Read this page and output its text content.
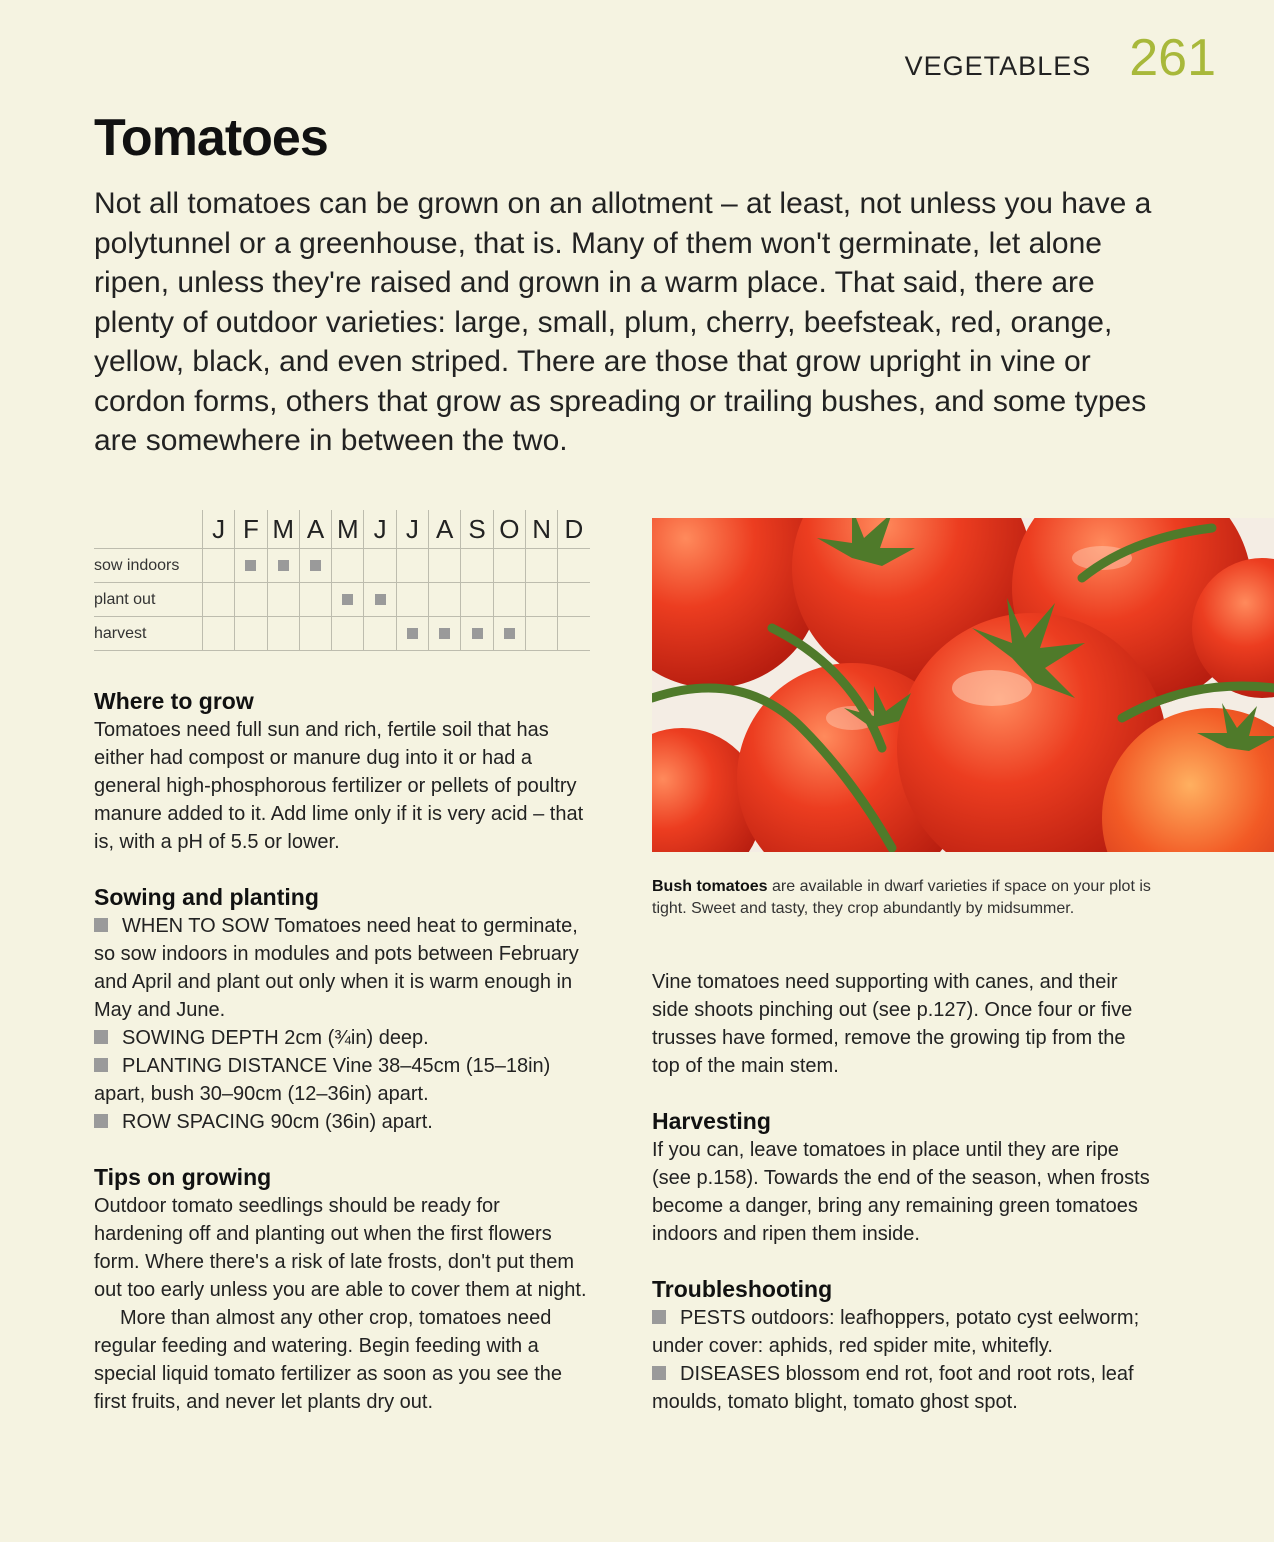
VEGETABLES 261
Tomatoes

Not all tomatoes can be grown on an allotment – at least, not unless you have a polytunnel or a greenhouse, that is. Many of them won't germinate, let alone ripen, unless they're raised and grown in a warm place. That said, there are plenty of outdoor varieties: large, small, plum, cherry, beefsteak, red, orange, yellow, black, and even striped. There are those that grow upright in vine or cordon forms, others that grow as spreading or trailing bushes, and some types are somewhere in between the two.

J F M A M J J A S O N D
sow indoors
plant out
harvest
Where to grow

Tomatoes need full sun and rich, fertile soil that has either had compost or manure dug into it or had a general high-phosphorous fertilizer or pellets of poultry manure added to it. Add lime only if it is very acid – that is, with a pH of 5.5 or lower.

Sowing and planting

WHEN TO SOW Tomatoes need heat to germinate, so sow indoors in modules and pots between February and April and plant out only when it is warm enough in May and June.

SOWING DEPTH 2cm (¾in) deep.

PLANTING DISTANCE Vine 38–45cm (15–18in) apart, bush 30–90cm (12–36in) apart.

ROW SPACING 90cm (36in) apart.

Tips on growing

Outdoor tomato seedlings should be ready for hardening off and planting out when the first flowers form. Where there's a risk of late frosts, don't put them out too early unless you are able to cover them at night.

More than almost any other crop, tomatoes need regular feeding and watering. Begin feeding with a special liquid tomato fertilizer as soon as you see the first fruits, and never let plants dry out.

Bush tomatoes are available in dwarf varieties if space on your plot is tight. Sweet and tasty, they crop abundantly by midsummer.

Vine tomatoes need supporting with canes, and their side shoots pinching out (see p.127). Once four or five trusses have formed, remove the growing tip from the top of the main stem.

Harvesting

If you can, leave tomatoes in place until they are ripe (see p.158). Towards the end of the season, when frosts become a danger, bring any remaining green tomatoes indoors and ripen them inside.

Troubleshooting

PESTS outdoors: leafhoppers, potato cyst eelworm; under cover: aphids, red spider mite, whitefly.

DISEASES blossom end rot, foot and root rots, leaf moulds, tomato blight, tomato ghost spot.
